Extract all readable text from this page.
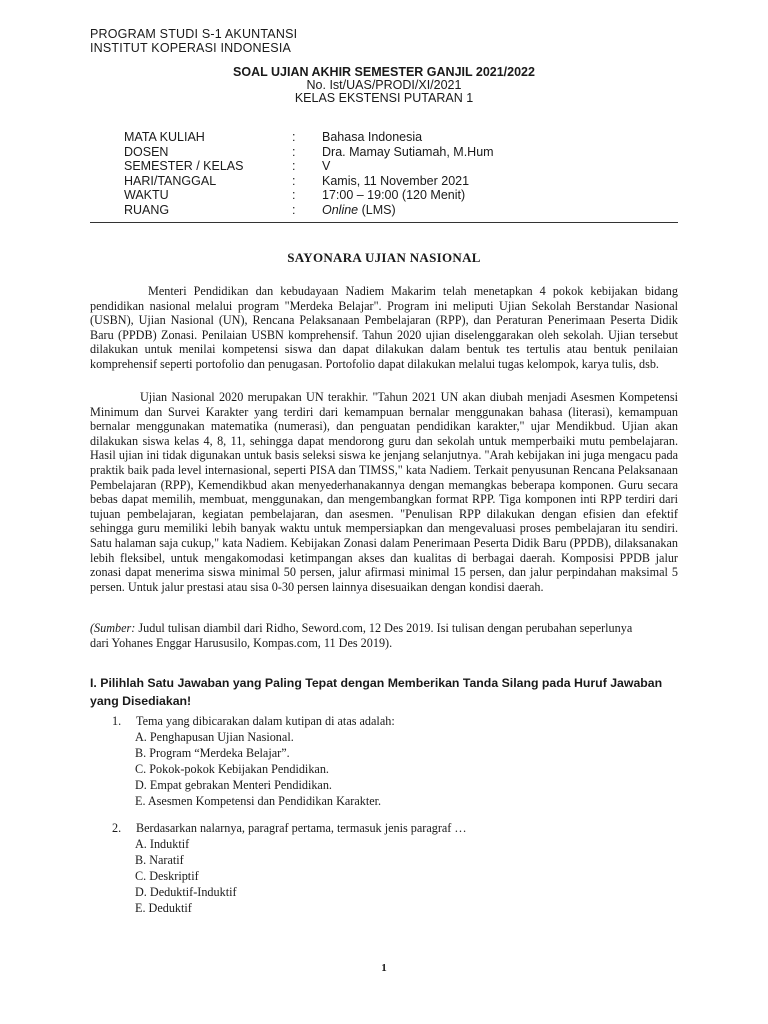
PROGRAM STUDI S-1 AKUNTANSI
INSTITUT KOPERASI INDONESIA
SOAL UJIAN AKHIR SEMESTER GANJIL 2021/2022
No. Ist/UAS/PRODI/XI/2021
KELAS EKSTENSI PUTARAN 1
MATA KULIAH	:	Bahasa Indonesia
DOSEN	:	Dra. Mamay Sutiamah, M.Hum
SEMESTER / KELAS	:	V
HARI/TANGGAL	:	Kamis, 11 November 2021
WAKTU	:	17:00 – 19:00 (120 Menit)
RUANG	:	Online (LMS)
SAYONARA UJIAN NASIONAL

Menteri Pendidikan dan kebudayaan Nadiem Makarim telah menetapkan 4 pokok kebijakan bidang pendidikan nasional melalui program "Merdeka Belajar". Program ini meliputi Ujian Sekolah Berstandar Nasional (USBN), Ujian Nasional (UN), Rencana Pelaksanaan Pembelajaran (RPP), dan Peraturan Penerimaan Peserta Didik Baru (PPDB) Zonasi. Penilaian USBN komprehensif. Tahun 2020 ujian diselenggarakan oleh sekolah. Ujian tersebut dilakukan untuk menilai kompetensi siswa dan dapat dilakukan dalam bentuk tes tertulis atau bentuk penilaian komprehensif seperti portofolio dan penugasan. Portofolio dapat dilakukan melalui tugas kelompok, karya tulis, dsb.

Ujian Nasional 2020 merupakan UN terakhir. "Tahun 2021 UN akan diubah menjadi Asesmen Kompetensi Minimum dan Survei Karakter yang terdiri dari kemampuan bernalar menggunakan bahasa (literasi), kemampuan bernalar menggunakan matematika (numerasi), dan penguatan pendidikan karakter," ujar Mendikbud. Ujian akan dilakukan siswa kelas 4, 8, 11, sehingga dapat mendorong guru dan sekolah untuk memperbaiki mutu pembelajaran. Hasil ujian ini tidak digunakan untuk basis seleksi siswa ke jenjang selanjutnya. "Arah kebijakan ini juga mengacu pada praktik baik pada level internasional, seperti PISA dan TIMSS," kata Nadiem. Terkait penyusunan Rencana Pelaksanaan Pembelajaran (RPP), Kemendikbud akan menyederhanakannya dengan memangkas beberapa komponen. Guru secara bebas dapat memilih, membuat, menggunakan, dan mengembangkan format RPP. Tiga komponen inti RPP terdiri dari tujuan pembelajaran, kegiatan pembelajaran, dan asesmen. "Penulisan RPP dilakukan dengan efisien dan efektif sehingga guru memiliki lebih banyak waktu untuk mempersiapkan dan mengevaluasi proses pembelajaran itu sendiri. Satu halaman saja cukup," kata Nadiem. Kebijakan Zonasi dalam Penerimaan Peserta Didik Baru (PPDB), dilaksanakan lebih fleksibel, untuk mengakomodasi ketimpangan akses dan kualitas di berbagai daerah. Komposisi PPDB jalur zonasi dapat menerima siswa minimal 50 persen, jalur afirmasi minimal 15 persen, dan jalur perpindahan maksimal 5 persen. Untuk jalur prestasi atau sisa 0-30 persen lainnya disesuaikan dengan kondisi daerah.

(Sumber: Judul tulisan diambil dari Ridho, Seword.com, 12 Des 2019. Isi tulisan dengan perubahan seperlunya dari Yohanes Enggar Harususilo, Kompas.com, 11 Des 2019).

I. Pilihlah Satu Jawaban yang Paling Tepat dengan Memberikan Tanda Silang pada Huruf Jawaban yang Disediakan!
1.	Tema yang dibicarakan dalam kutipan di atas adalah:
A. Penghapusan Ujian Nasional.
B. Program “Merdeka Belajar”.
C. Pokok-pokok Kebijakan Pendidikan.
D. Empat gebrakan Menteri Pendidikan.
E. Asesmen Kompetensi dan Pendidikan Karakter.
2.	Berdasarkan nalarnya, paragraf pertama, termasuk jenis paragraf …
A. Induktif
B. Naratif
C. Deskriptif
D. Deduktif-Induktif
E. Deduktif
1
